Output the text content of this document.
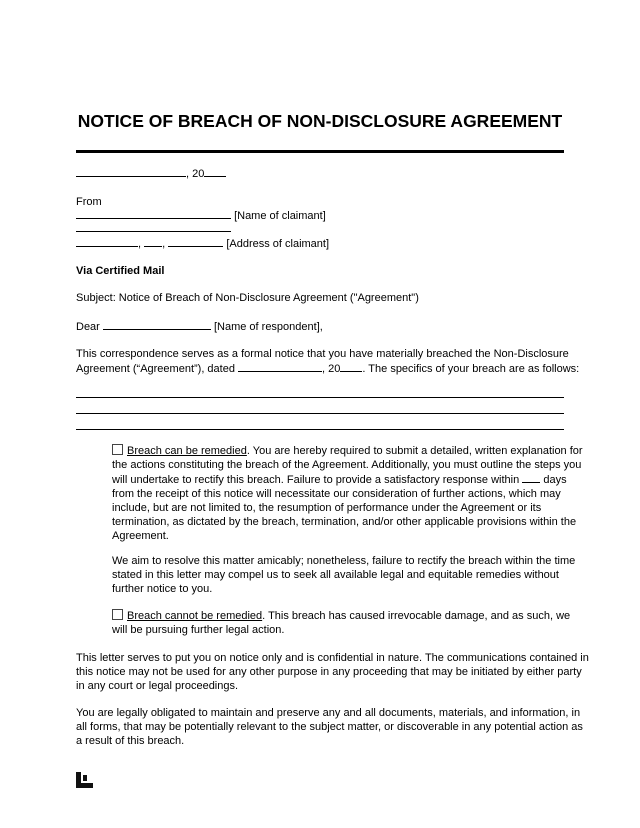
NOTICE OF BREACH OF NON-DISCLOSURE AGREEMENT
, 20
From
[Name of claimant]
, ,	[Address of claimant]
Via Certified Mail
Subject: Notice of Breach of Non-Disclosure Agreement ("Agreement")
Dear	[Name of respondent],
This correspondence serves as a formal notice that you have materially breached the Non-Disclosure
Agreement (“Agreement”), dated	, 20 . The specifics of your breach are as follows:
Breach can be remedied. You are hereby required to submit a detailed, written explanation for
the actions constituting the breach of the Agreement. Additionally, you must outline the steps you
will undertake to rectify this breach. Failure to provide a satisfactory response within days
from the receipt of this notice will necessitate our consideration of further actions, which may
include, but are not limited to, the resumption of performance under the Agreement or its
termination, as dictated by the breach, termination, and/or other applicable provisions within the
Agreement.
We aim to resolve this matter amicably; nonetheless, failure to rectify the breach within the time
stated in this letter may compel us to seek all available legal and equitable remedies without
further notice to you.
Breach cannot be remedied. This breach has caused irrevocable damage, and as such, we
will be pursuing further legal action.
This letter serves to put you on notice only and is confidential in nature. The communications contained in
this notice may not be used for any other purpose in any proceeding that may be initiated by either party
in any court or legal proceedings.
You are legally obligated to maintain and preserve any and all documents, materials, and information, in
all forms, that may be potentially relevant to the subject matter, or discoverable in any potential action as
a result of this breach.
